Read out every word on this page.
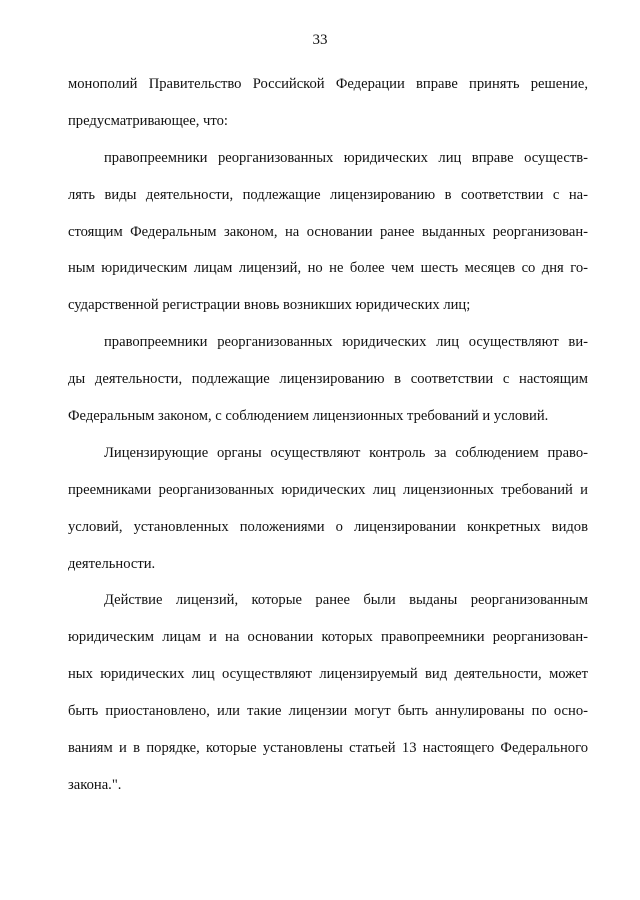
33
монополий Правительство Российской Федерации вправе принять решение,
предусматривающее, что:
правопреемники реорганизованных юридических лиц вправе осуществ-
лять виды деятельности, подлежащие лицензированию в соответствии с на-
стоящим Федеральным законом, на основании ранее выданных реорганизован-
ным юридическим лицам лицензий, но не более чем шесть месяцев со дня го-
сударственной регистрации вновь возникших юридических лиц;
правопреемники реорганизованных юридических лиц осуществляют ви-
ды деятельности, подлежащие лицензированию в соответствии с настоящим
Федеральным законом, с соблюдением лицензионных требований и условий.
Лицензирующие органы осуществляют контроль за соблюдением право-
преемниками реорганизованных юридических лиц лицензионных требований и
условий, установленных положениями о лицензировании конкретных видов
деятельности.
Действие лицензий, которые ранее были выданы реорганизованным
юридическим лицам и на основании которых правопреемники реорганизован-
ных юридических лиц осуществляют лицензируемый вид деятельности, может
быть приостановлено, или такие лицензии могут быть аннулированы по осно-
ваниям и в порядке, которые установлены статьей 13 настоящего Федерального
закона.".
